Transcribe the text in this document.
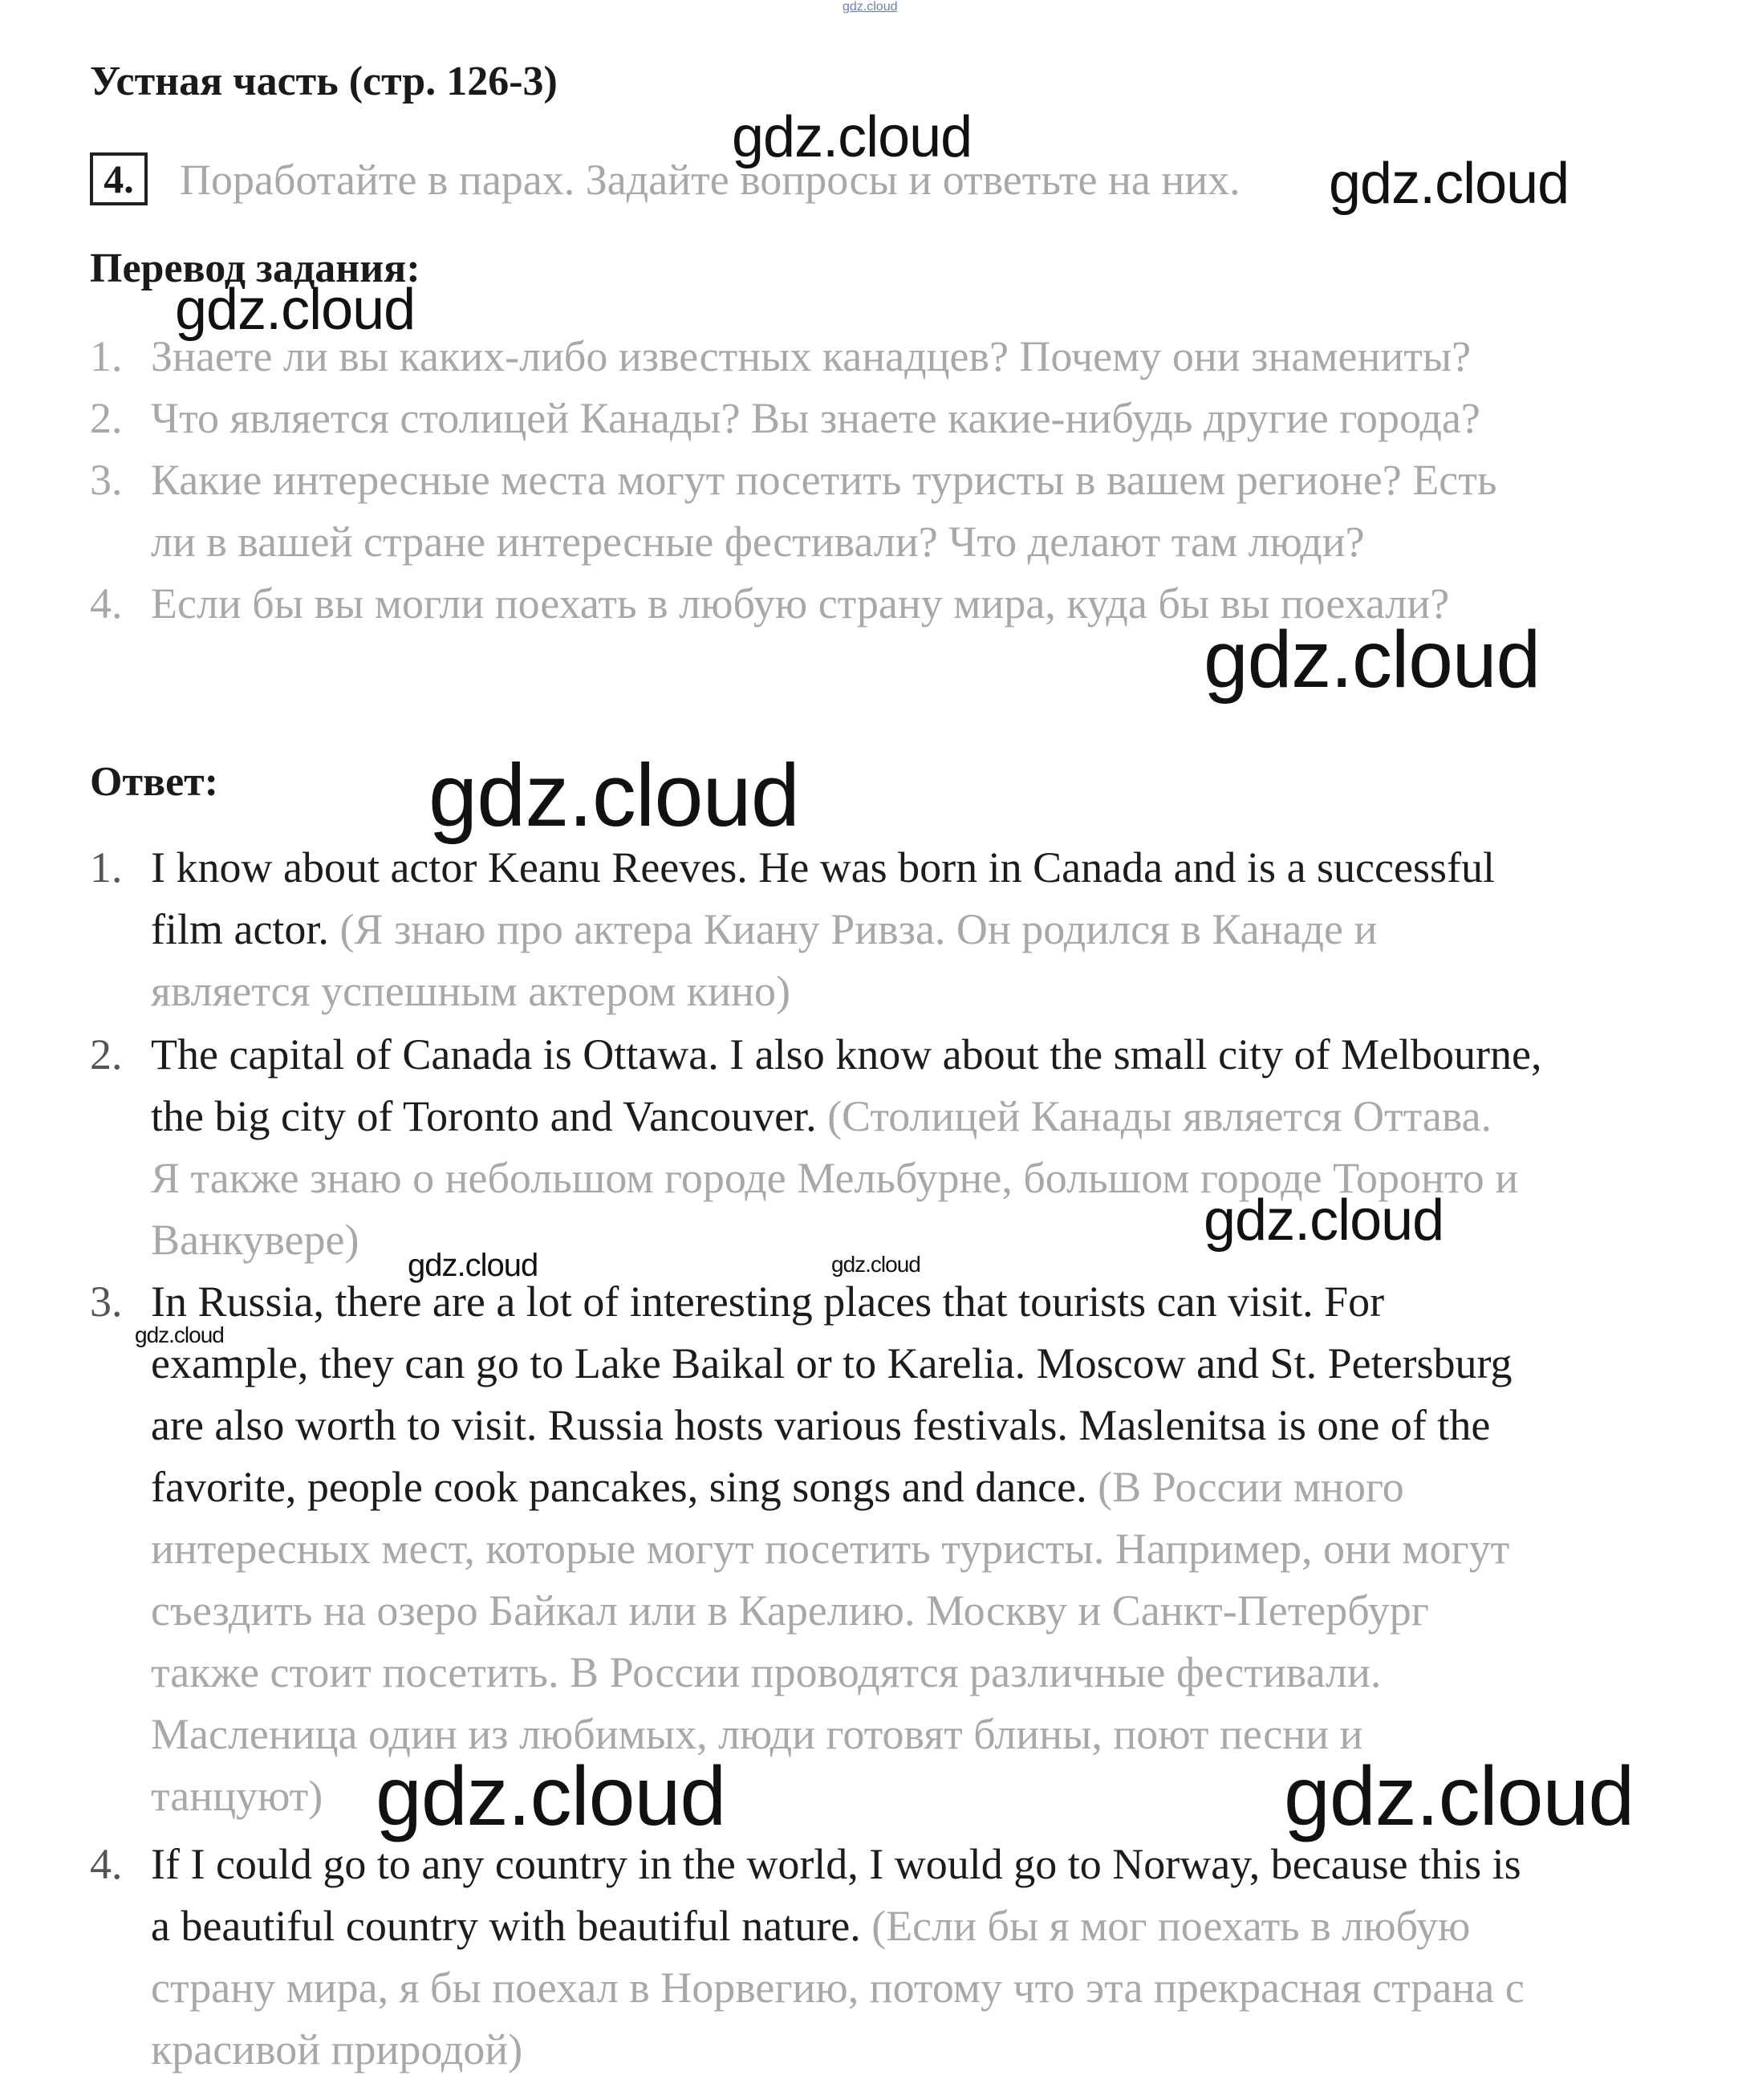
gdz.cloud
Устная часть (стр. 126-3)
4.	Поработайте в парах. Задайте вопросы и ответьте на них.
Перевод задания:
1. Знаете ли вы каких-либо известных канадцев? Почему они знамениты?
2. Что является столицей Канады? Вы знаете какие-нибудь другие города?
3. Какие интересные места могут посетить туристы в вашем регионе? Есть
ли в вашей стране интересные фестивали? Что делают там люди?
4. Если бы вы могли поехать в любую страну мира, куда бы вы поехали?
Ответ:
1. I know about actor Keanu Reeves. He was born in Canada and is a successful
film actor. (Я знаю про актера Киану Ривза. Он родился в Канаде и
является успешным актером кино)
2. The capital of Canada is Ottawa. I also know about the small city of Melbourne,
the big city of Toronto and Vancouver. (Столицей Канады является Оттава.
Я также знаю о небольшом городе Мельбурне, большом городе Торонто и
Ванкувере)
3. In Russia, there are a lot of interesting places that tourists can visit. For
example, they can go to Lake Baikal or to Karelia. Moscow and St. Petersburg
are also worth to visit. Russia hosts various festivals. Maslenitsa is one of the
favorite, people cook pancakes, sing songs and dance. (В России много
интересных мест, которые могут посетить туристы. Например, они могут
съездить на озеро Байкал или в Карелию. Москву и Санкт-Петербург
также стоит посетить. В России проводятся различные фестивали.
Масленица один из любимых, люди готовят блины, поют песни и
танцуют)
4. If I could go to any country in the world, I would go to Norway, because this is
a beautiful country with beautiful nature. (Если бы я мог поехать в любую
страну мира, я бы поехал в Норвегию, потому что эта прекрасная страна с
красивой природой)
gdz.cloud
gdz.cloud
gdz.cloud
gdz.cloud
gdz.cloud
gdz.cloud
gdz.cloud	gdz.cloud
gdz.cloud
gdz.cloud	gdz.cloud
